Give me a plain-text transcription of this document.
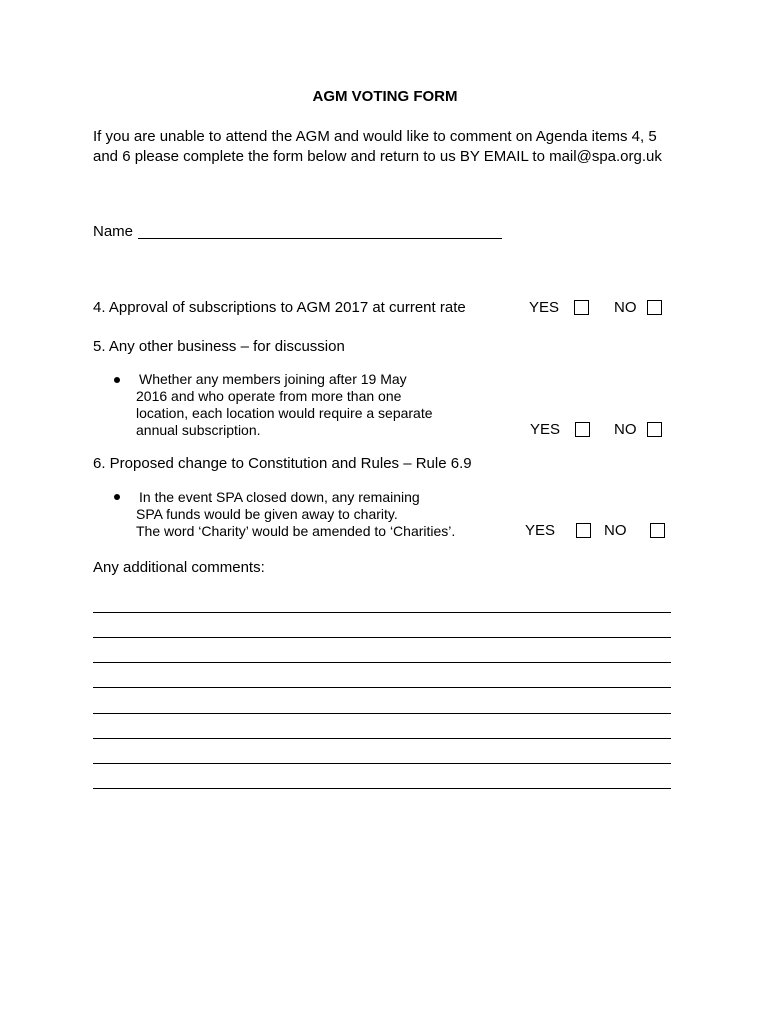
AGM VOTING FORM
If you are unable to attend the AGM and would like to comment on Agenda items 4, 5 and 6 please complete the form below and return to us BY EMAIL to mail@spa.org.uk
Name
4. Approval of subscriptions to AGM 2017 at current rate	YES	NO
5. Any other business – for discussion
Whether any members joining after 19 May
2016 and who operate from more than one
location, each location would require a separate
annual subscription.	YES	NO
6. Proposed change to Constitution and Rules – Rule 6.9
In the event SPA closed down, any remaining
SPA funds would be given away to charity.
The word ‘Charity’ would be amended to ‘Charities’.	YES	NO
Any additional comments:
